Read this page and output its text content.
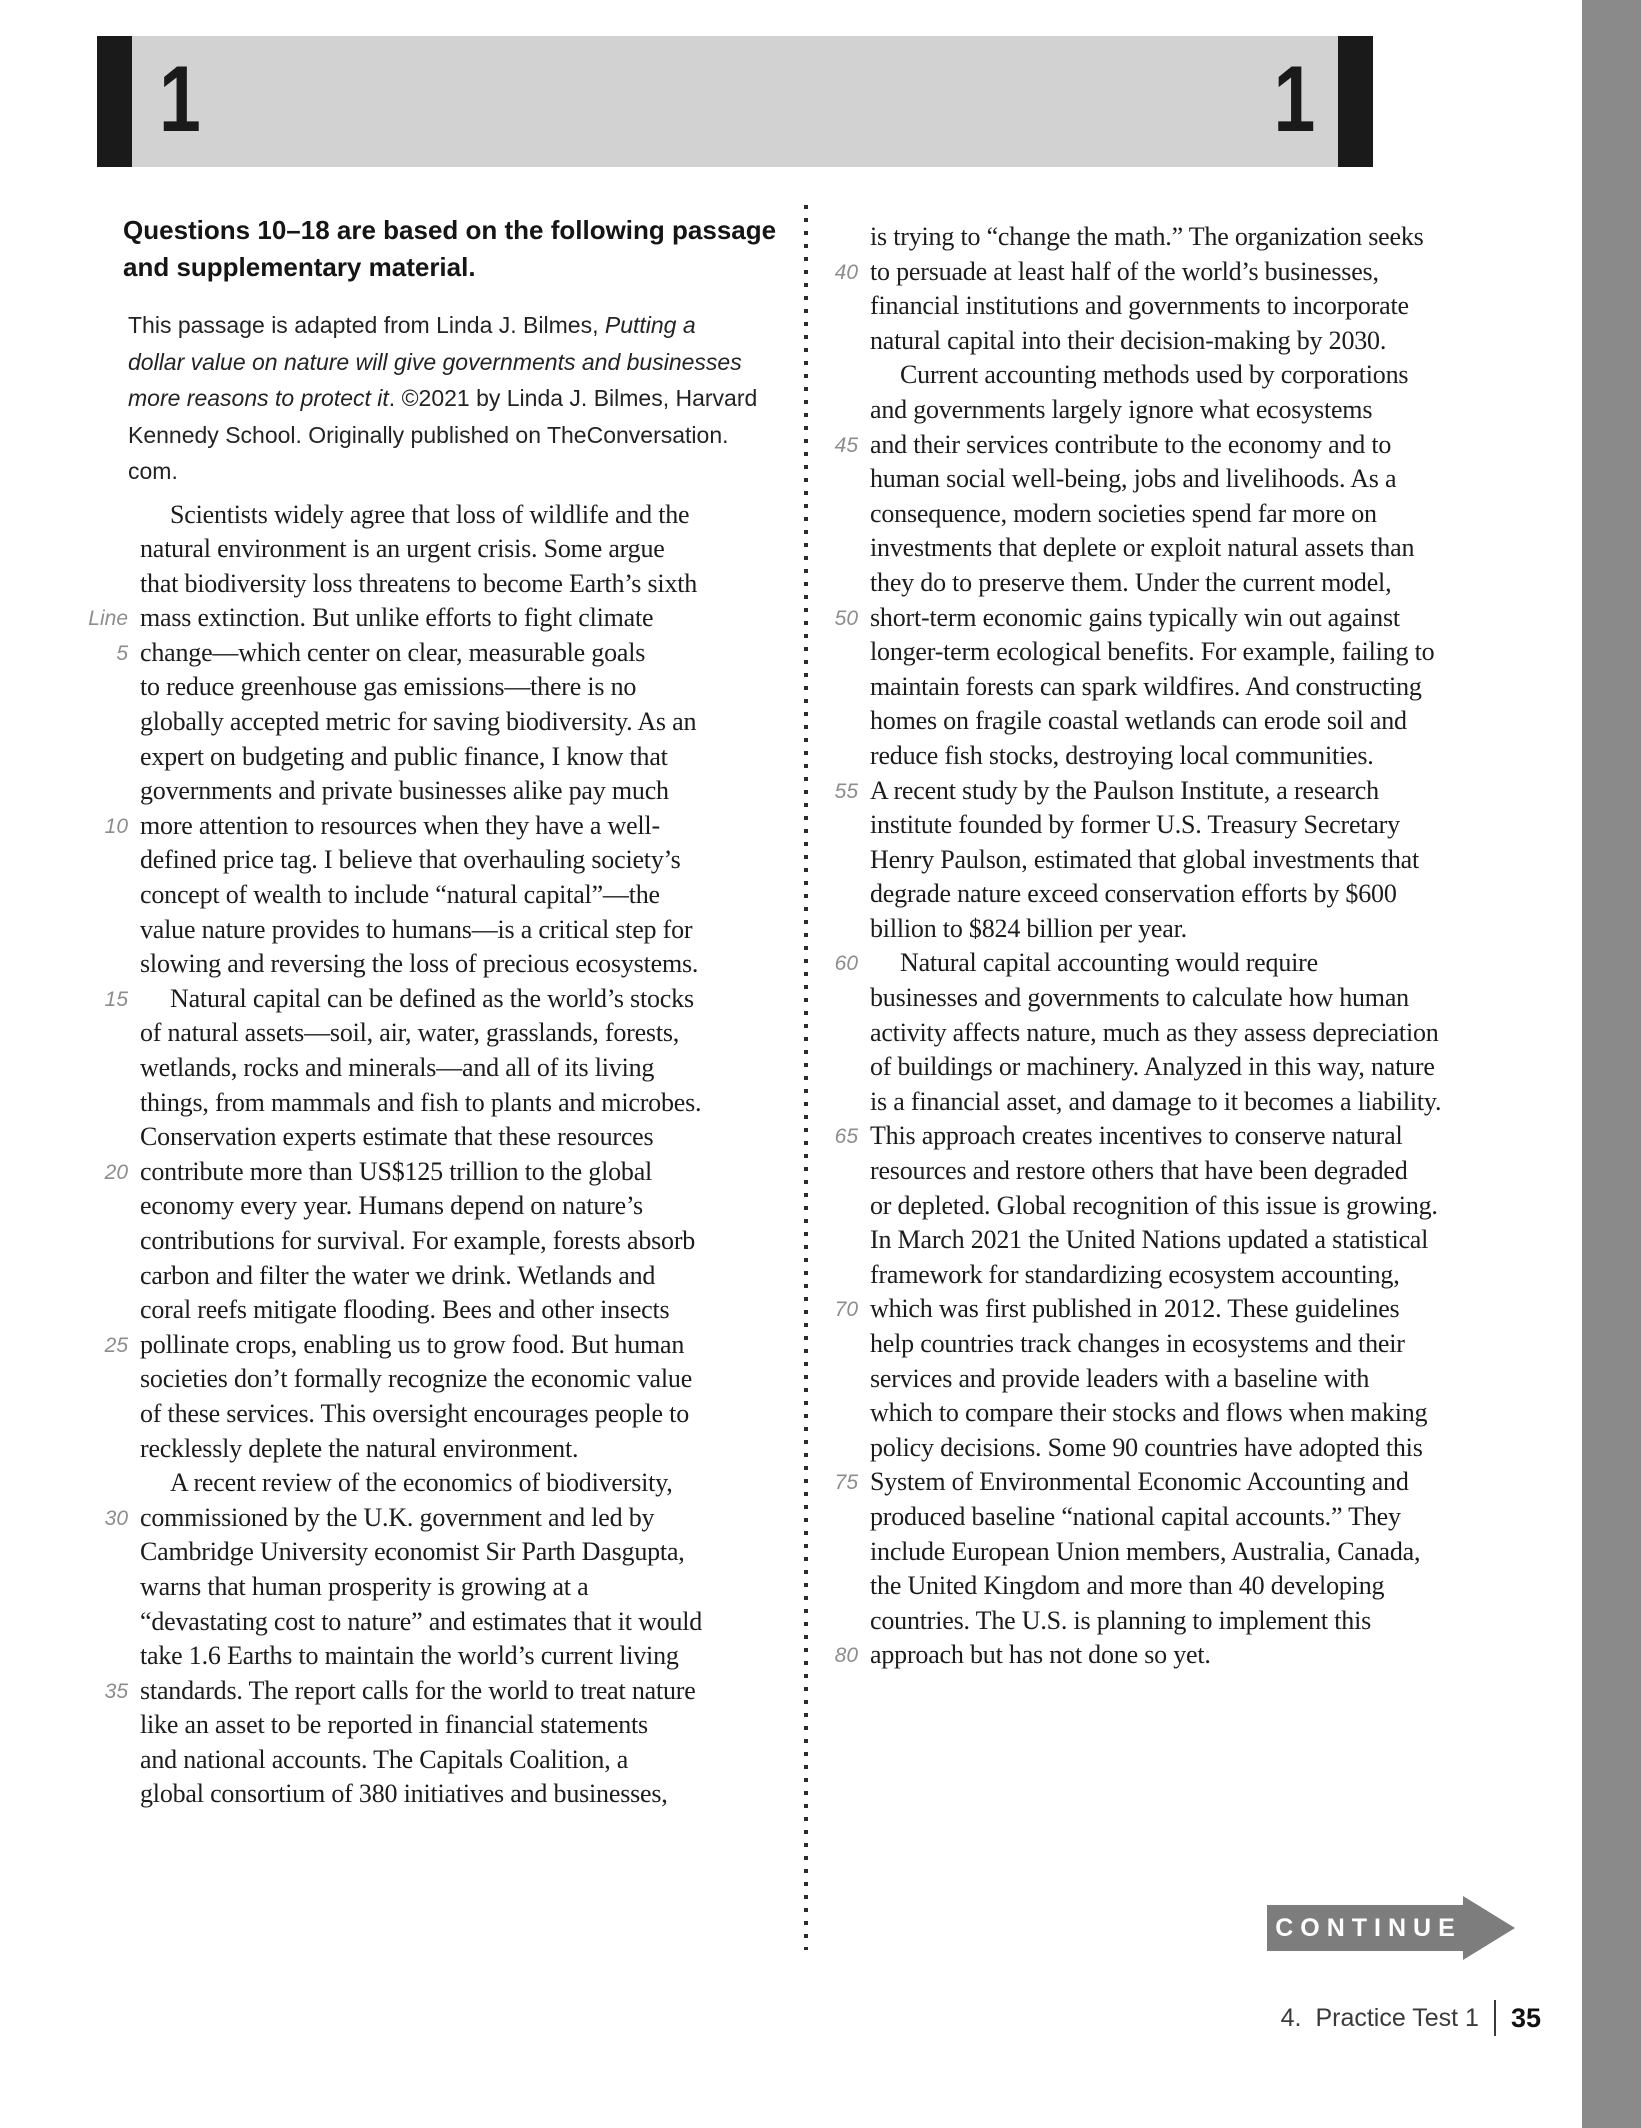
1	1
Questions 10–18 are based on the following passage
and supplementary material.

This passage is adapted from Linda J. Bilmes, Putting a
dollar value on nature will give governments and businesses
more reasons to protect it. ©2021 by Linda J. Bilmes, Harvard
Kennedy School. Originally published on TheConversation.
com.

Scientists widely agree that loss of wildlife and the
natural environment is an urgent crisis. Some argue
that biodiversity loss threatens to become Earth’s sixth
Line mass extinction. But unlike efforts to fight climate
5 change—which center on clear, measurable goals
to reduce greenhouse gas emissions—there is no
globally accepted metric for saving biodiversity. As an
expert on budgeting and public finance, I know that
governments and private businesses alike pay much
10 more attention to resources when they have a well-
defined price tag. I believe that overhauling society’s
concept of wealth to include “natural capital”—the
value nature provides to humans—is a critical step for
slowing and reversing the loss of precious ecosystems.
15	Natural capital can be defined as the world’s stocks
of natural assets—soil, air, water, grasslands, forests,
wetlands, rocks and minerals—and all of its living
things, from mammals and fish to plants and microbes.
Conservation experts estimate that these resources
20 contribute more than US$125 trillion to the global
economy every year. Humans depend on nature’s
contributions for survival. For example, forests absorb
carbon and filter the water we drink. Wetlands and
coral reefs mitigate flooding. Bees and other insects
25 pollinate crops, enabling us to grow food. But human
societies don’t formally recognize the economic value
of these services. This oversight encourages people to
recklessly deplete the natural environment.
A recent review of the economics of biodiversity,
30 commissioned by the U.K. government and led by
Cambridge University economist Sir Parth Dasgupta,
warns that human prosperity is growing at a
“devastating cost to nature” and estimates that it would
take 1.6 Earths to maintain the world’s current living
35 standards. The report calls for the world to treat nature
like an asset to be reported in financial statements
and national accounts. The Capitals Coalition, a
global consortium of 380 initiatives and businesses,
is trying to “change the math.” The organization seeks
40 to persuade at least half of the world’s businesses,
financial institutions and governments to incorporate
natural capital into their decision-making by 2030.
Current accounting methods used by corporations
and governments largely ignore what ecosystems
45 and their services contribute to the economy and to
human social well-being, jobs and livelihoods. As a
consequence, modern societies spend far more on
investments that deplete or exploit natural assets than
they do to preserve them. Under the current model,
50 short-term economic gains typically win out against
longer-term ecological benefits. For example, failing to
maintain forests can spark wildfires. And constructing
homes on fragile coastal wetlands can erode soil and
reduce fish stocks, destroying local communities.
55 A recent study by the Paulson Institute, a research
institute founded by former U.S. Treasury Secretary
Henry Paulson, estimated that global investments that
degrade nature exceed conservation efforts by $600
billion to $824 billion per year.
60	Natural capital accounting would require
businesses and governments to calculate how human
activity affects nature, much as they assess depreciation
of buildings or machinery. Analyzed in this way, nature
is a financial asset, and damage to it becomes a liability.
65 This approach creates incentives to conserve natural
resources and restore others that have been degraded
or depleted. Global recognition of this issue is growing.
In March 2021 the United Nations updated a statistical
framework for standardizing ecosystem accounting,
70 which was first published in 2012. These guidelines
help countries track changes in ecosystems and their
services and provide leaders with a baseline with
which to compare their stocks and flows when making
policy decisions. Some 90 countries have adopted this
75 System of Environmental Economic Accounting and
produced baseline “national capital accounts.” They
include European Union members, Australia, Canada,
the United Kingdom and more than 40 developing
countries. The U.S. is planning to implement this
80 approach but has not done so yet.
CONTINUE
4. Practice Test 1 35
